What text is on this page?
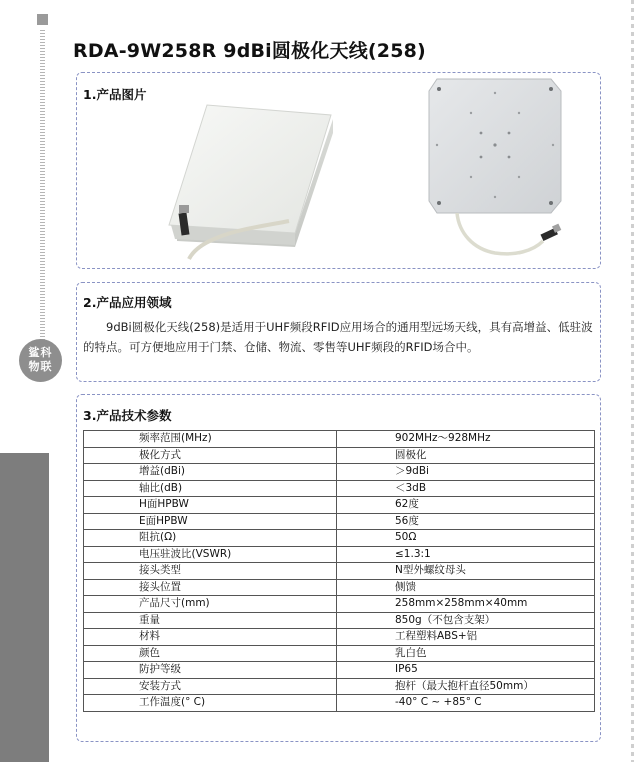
鲨科
物联
RDA-9W258R 9dBi圆极化天线(258)
1.产品图片
2.产品应用领域

9dBi圆极化天线(258)是适用于UHF频段RFID应用场合的通用型远场天线，具有高增益、低驻波的特点。可方便地应用于门禁、仓储、物流、零售等UHF频段的RFID场合中。

3.产品技术参数
频率范围(MHz)	902MHz～928MHz
极化方式	圆极化
增益(dBi)	＞9dBi
轴比(dB)	＜3dB
H面HPBW	62度
E面HPBW	56度
阻抗(Ω)	50Ω
电压驻波比(VSWR)	≤1.3:1
接头类型	N型外螺纹母头
接头位置	侧馈
产品尺寸(mm)	258mm×258mm×40mm
重量	850g（不包含支架）
材料	工程塑料ABS+铝
颜色	乳白色
防护等级	IP65
安装方式	抱杆（最大抱杆直径50mm）
工作温度(° C)	-40° C ~ +85° C
